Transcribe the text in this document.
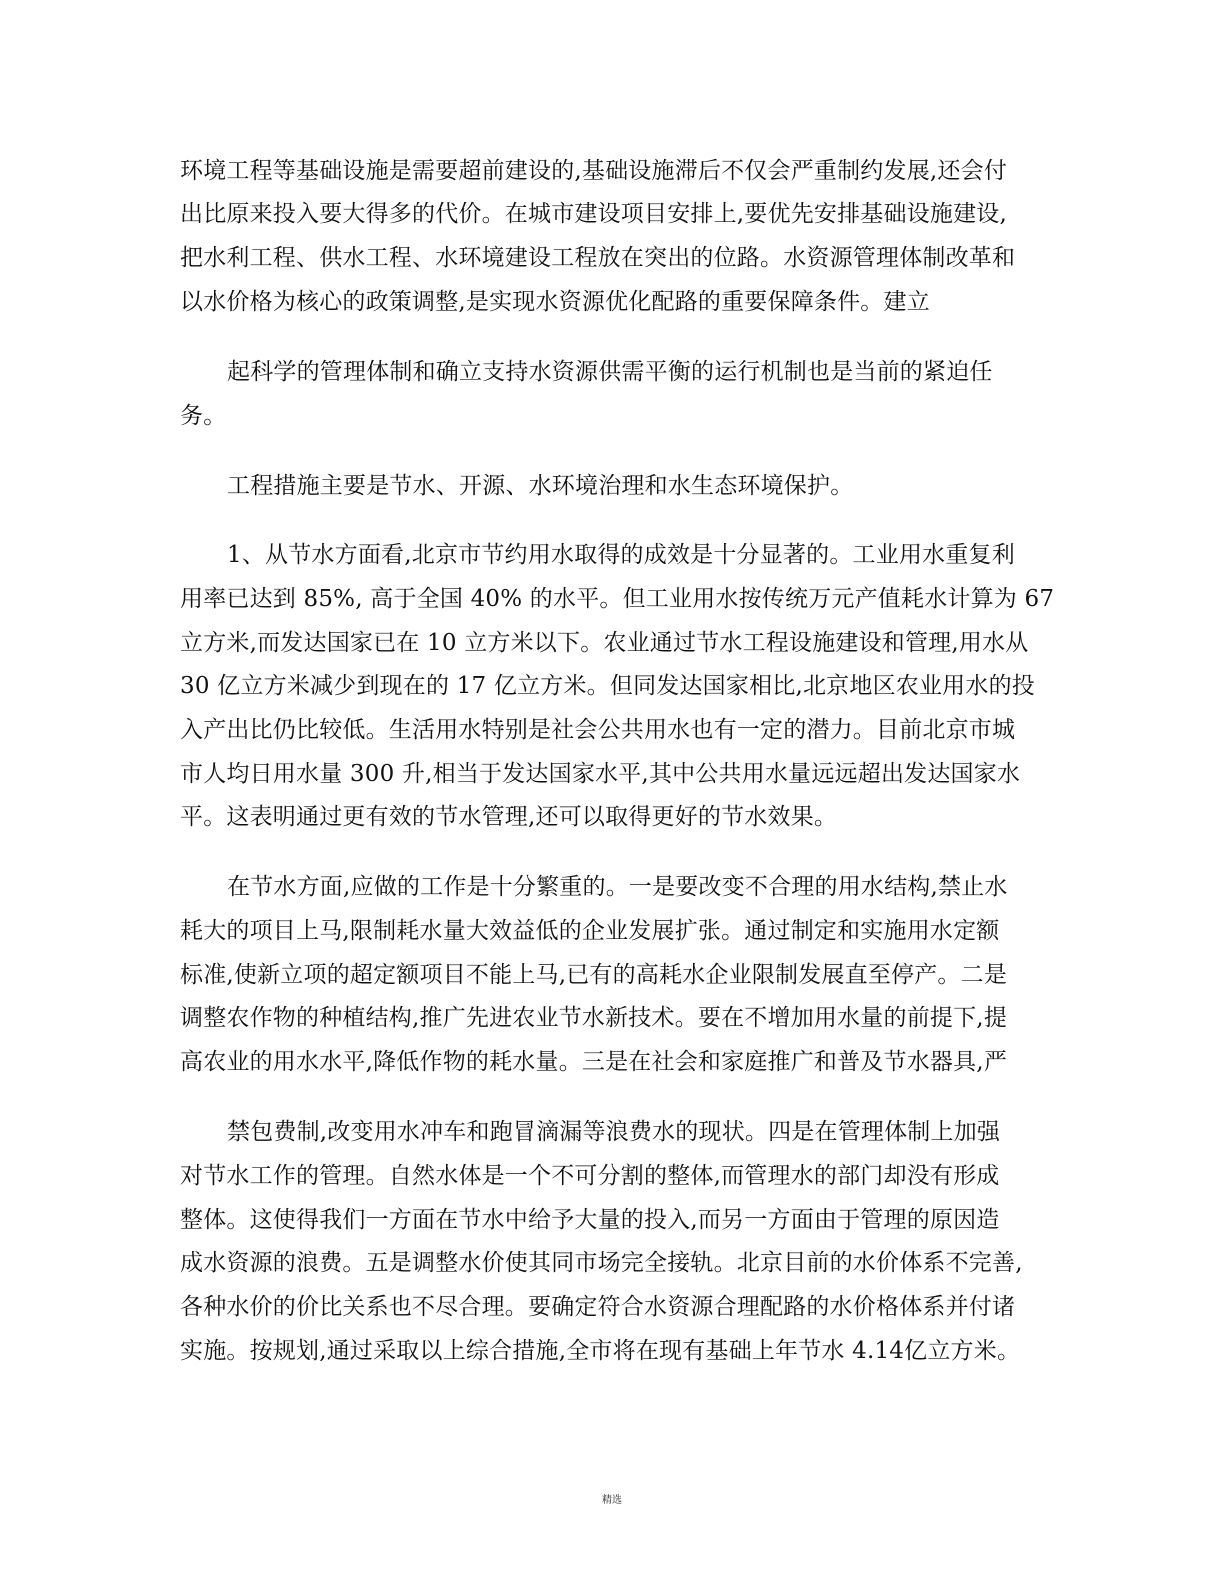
环境工程等基础设施是需要超前建设的,基础设施滞后不仅会严重制约发展,还会付
出比原来投入要大得多的代价。在城市建设项目安排上,要优先安排基础设施建设,
把水利工程、供水工程、水环境建设工程放在突出的位路。水资源管理体制改革和
以水价格为核心的政策调整,是实现水资源优化配路的重要保障条件。建立
起科学的管理体制和确立支持水资源供需平衡的运行机制也是当前的紧迫任
务。
工程措施主要是节水、开源、水环境治理和水生态环境保护。
1、从节水方面看,北京市节约用水取得的成效是十分显著的。工业用水重复利
用率已达到 85%, 高于全国 40% 的水平。但工业用水按传统万元产值耗水计算为 67
立方米,而发达国家已在 10 立方米以下。农业通过节水工程设施建设和管理,用水从
30 亿立方米减少到现在的 17 亿立方米。但同发达国家相比,北京地区农业用水的投
入产出比仍比较低。生活用水特别是社会公共用水也有一定的潜力。目前北京市城
市人均日用水量 300 升,相当于发达国家水平,其中公共用水量远远超出发达国家水
平。这表明通过更有效的节水管理,还可以取得更好的节水效果。
在节水方面,应做的工作是十分繁重的。一是要改变不合理的用水结构,禁止水
耗大的项目上马,限制耗水量大效益低的企业发展扩张。通过制定和实施用水定额
标准,使新立项的超定额项目不能上马,已有的高耗水企业限制发展直至停产。二是
调整农作物的种植结构,推广先进农业节水新技术。要在不增加用水量的前提下,提
高农业的用水水平,降低作物的耗水量。三是在社会和家庭推广和普及节水器具,严
禁包费制,改变用水冲车和跑冒滴漏等浪费水的现状。四是在管理体制上加强
对节水工作的管理。自然水体是一个不可分割的整体,而管理水的部门却没有形成
整体。这使得我们一方面在节水中给予大量的投入,而另一方面由于管理的原因造
成水资源的浪费。五是调整水价使其同市场完全接轨。北京目前的水价体系不完善,
各种水价的价比关系也不尽合理。要确定符合水资源合理配路的水价格体系并付诸
实施。按规划,通过采取以上综合措施,全市将在现有基础上年节水 4.14亿立方米。
精选
